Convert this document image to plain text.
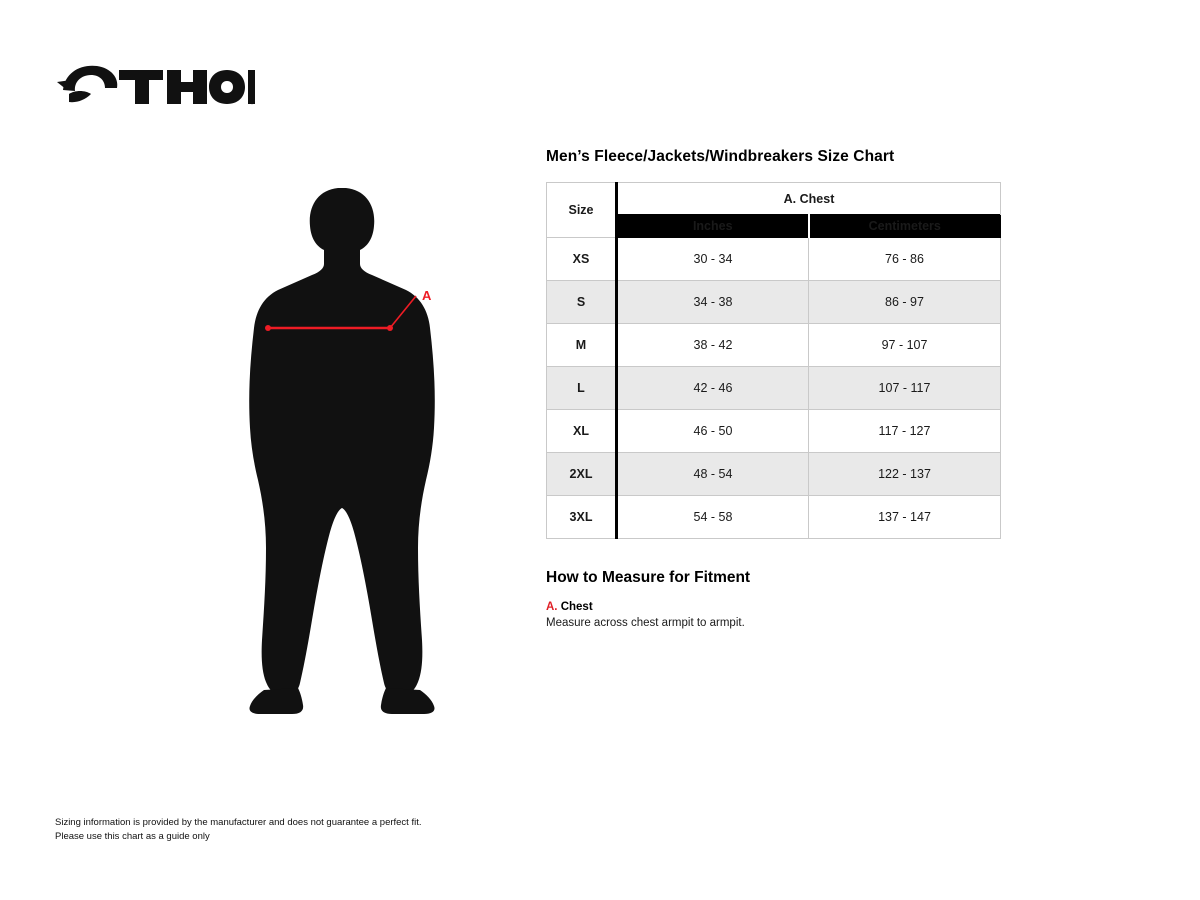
A
Men’s Fleece/Jackets/Windbreakers Size Chart
Size	A. Chest	
	Inches	Centimeters
XS	30 - 34	76 - 86
S	34 - 38	86 - 97
M	38 - 42	97 - 107
L	42 - 46	107 - 117
XL	46 - 50	117 - 127
2XL	48 - 54	122 - 137
3XL	54 - 58	137 - 147
How to Measure for Fitment

A. Chest

Measure across chest armpit to armpit.

Sizing information is provided by the manufacturer and does not guarantee a perfect fit.
Please use this chart as a guide only
